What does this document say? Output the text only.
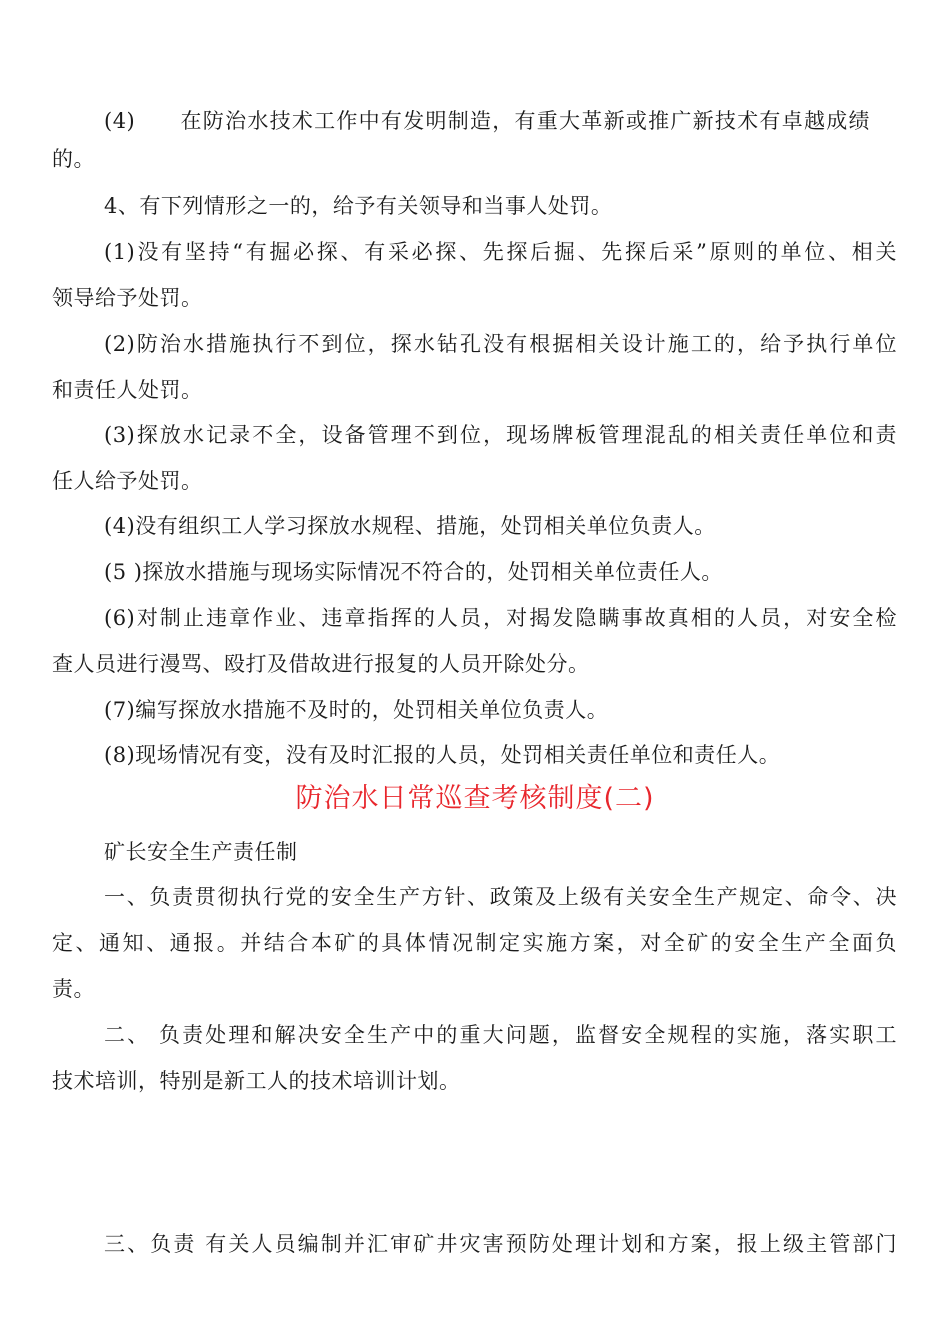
(4)　　在防治水技术工作中有发明制造，有重大革新或推广新技术有卓越成绩
的。
4、有下列情形之一的，给予有关领导和当事人处罚。
(1)没有坚持“有掘必探、有采必探、先探后掘、先探后采”原则的单位、相关
领导给予处罚。
(2)防治水措施执行不到位，探水钻孔没有根据相关设计施工的，给予执行单位
和责任人处罚。
(3)探放水记录不全，设备管理不到位，现场牌板管理混乱的相关责任单位和责
任人给予处罚。
(4)没有组织工人学习探放水规程、措施，处罚相关单位负责人。
(5 )探放水措施与现场实际情况不符合的，处罚相关单位责任人。
(6)对制止违章作业、违章指挥的人员，对揭发隐瞒事故真相的人员，对安全检
查人员进行漫骂、殴打及借故进行报复的人员开除处分。
(7)编写探放水措施不及时的，处罚相关单位负责人。
(8)现场情况有变，没有及时汇报的人员，处罚相关责任单位和责任人。
防治水日常巡查考核制度(二)
矿长安全生产责任制
一、负责贯彻执行党的安全生产方针、政策及上级有关安全生产规定、命令、决
定、通知、通报。并结合本矿的具体情况制定实施方案，对全矿的安全生产全面负
责。
二、 负责处理和解决安全生产中的重大问题，监督安全规程的实施，落实职工
技术培训，特别是新工人的技术培训计划。
三、负责 有关人员编制并汇审矿井灾害预防处理计划和方案，报上级主管部门
